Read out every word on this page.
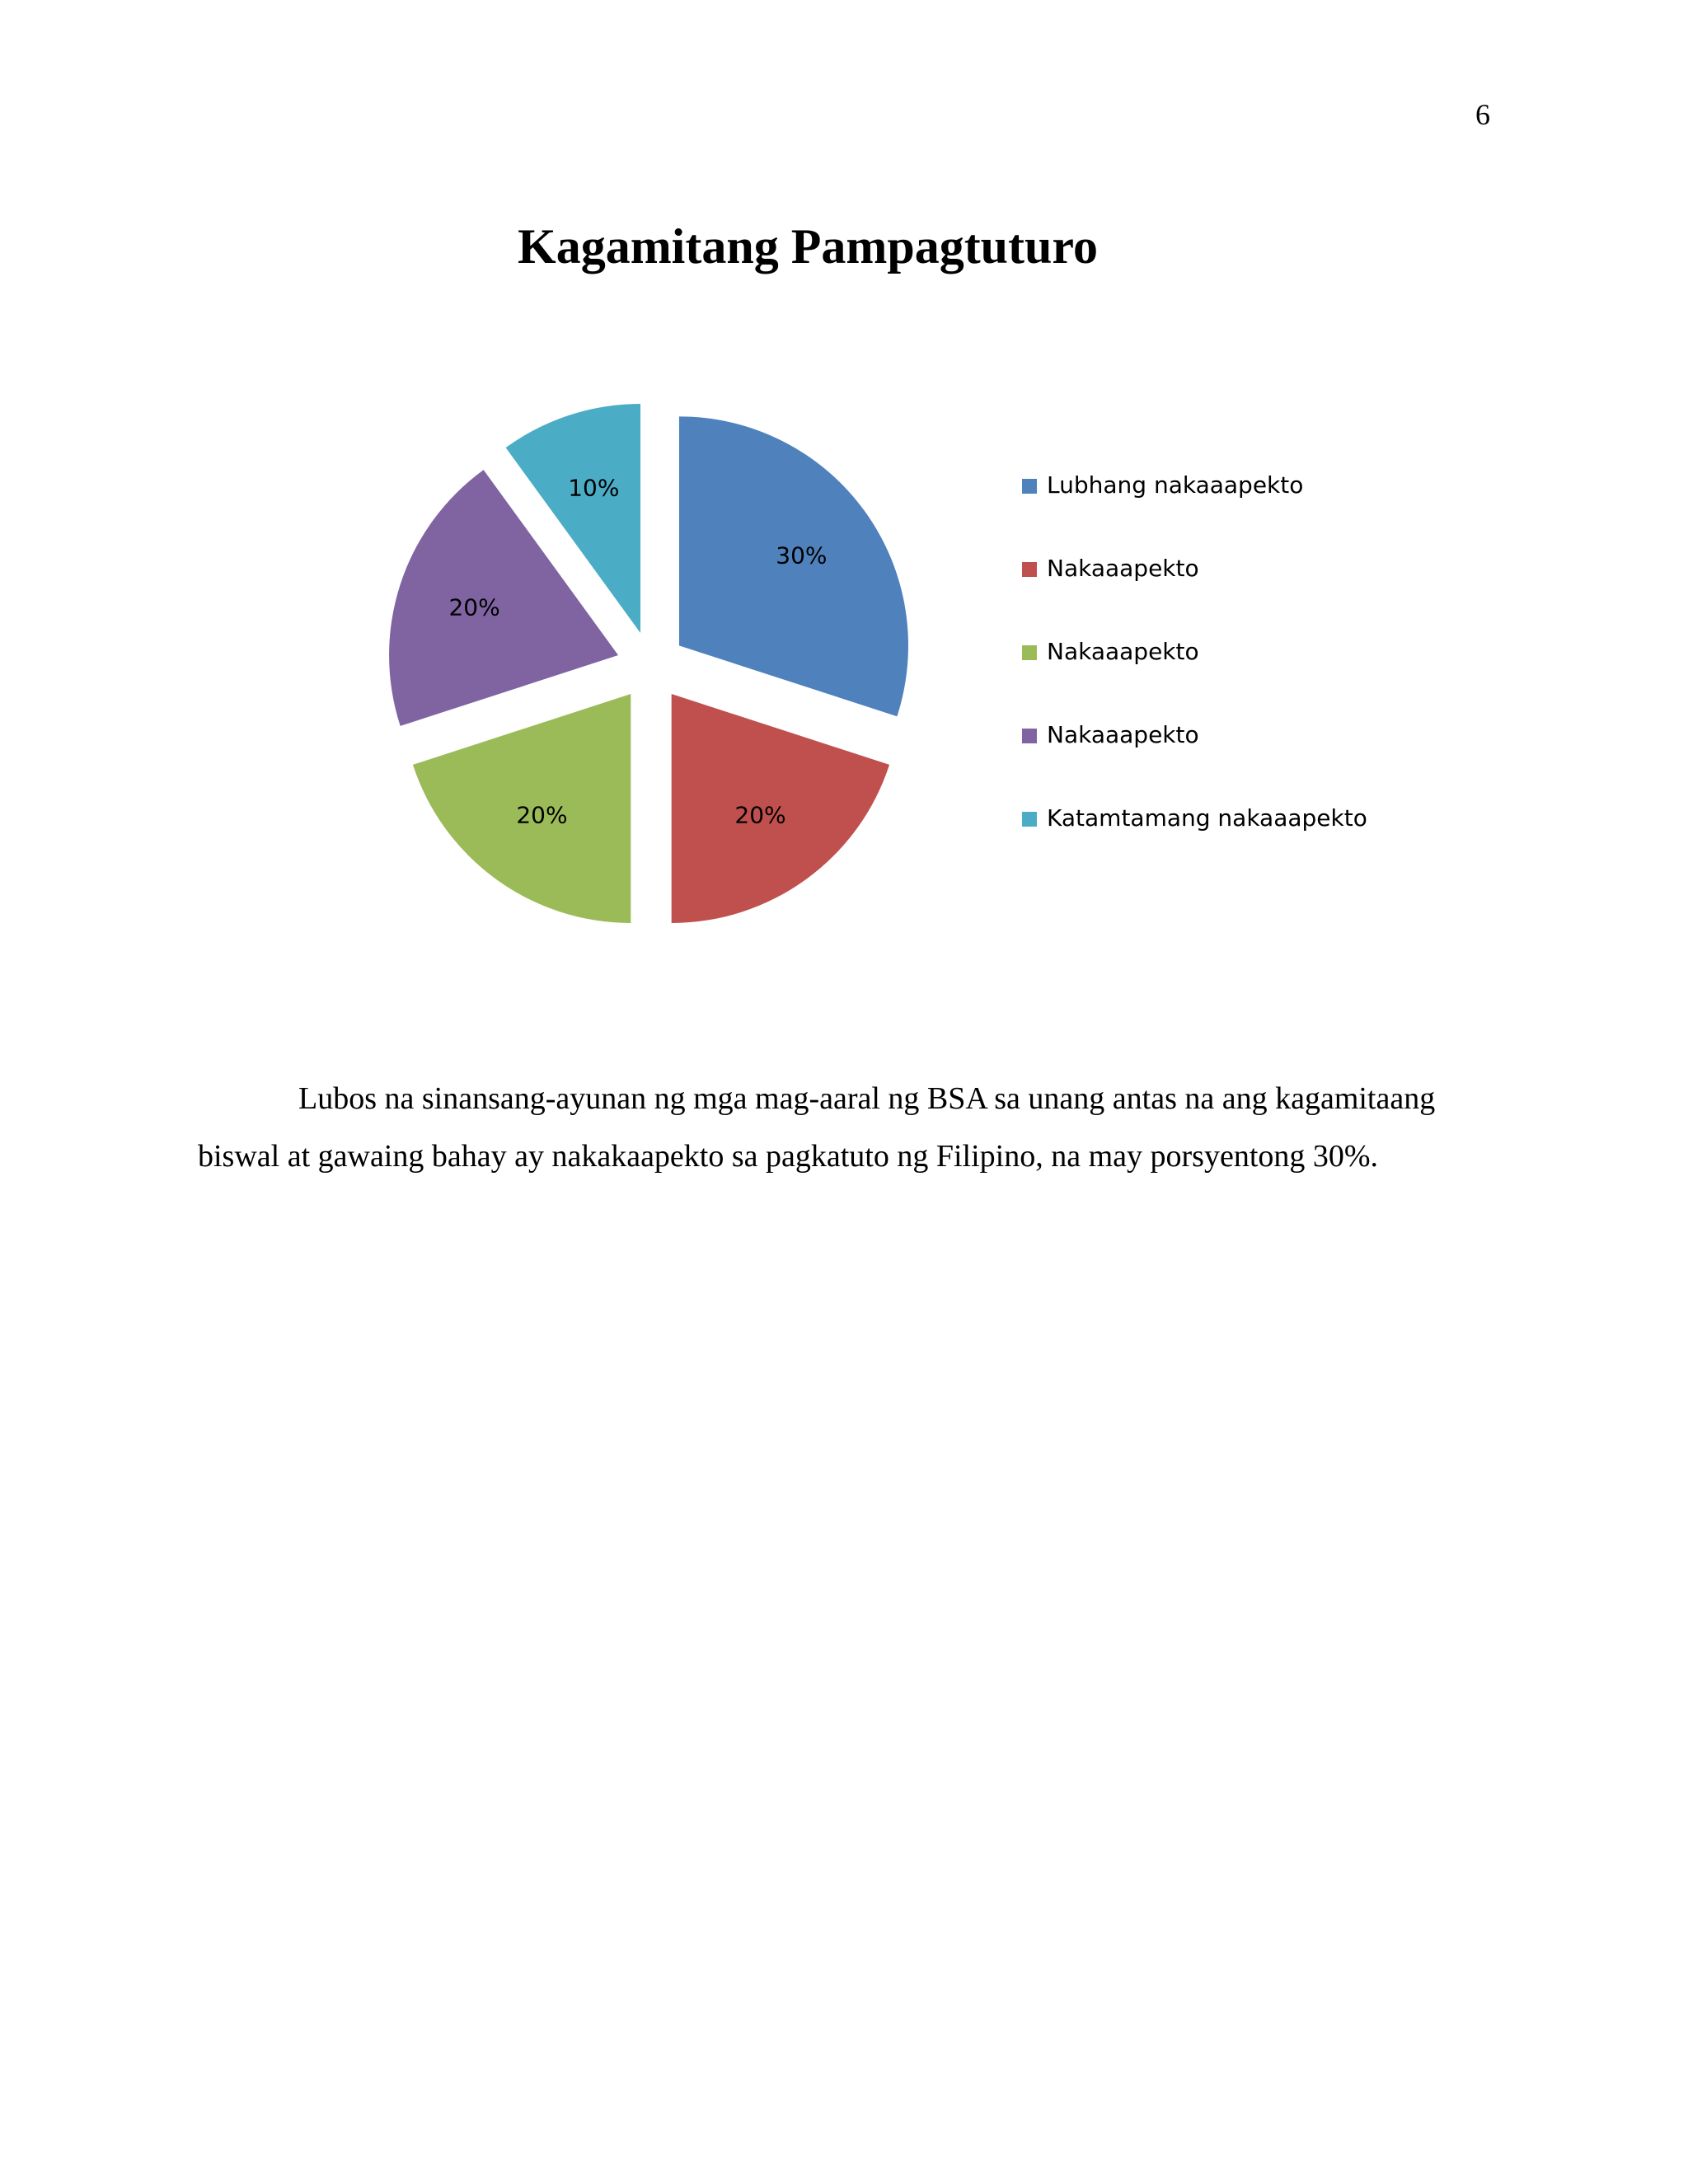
6
Kagamitang Pampagtuturo
30%
20%
20%
20%
10%	Lubhang nakaaapekto
Nakaaapekto
Nakaaapekto
Nakaaapekto
Katamtamang nakaaapekto

Lubos na sinansang-ayunan ng mga mag-aaral ng BSA sa unang antas na ang kagamitaang biswal at gawaing bahay ay nakakaapekto sa pagkatuto ng Filipino, na may porsyentong 30%.
